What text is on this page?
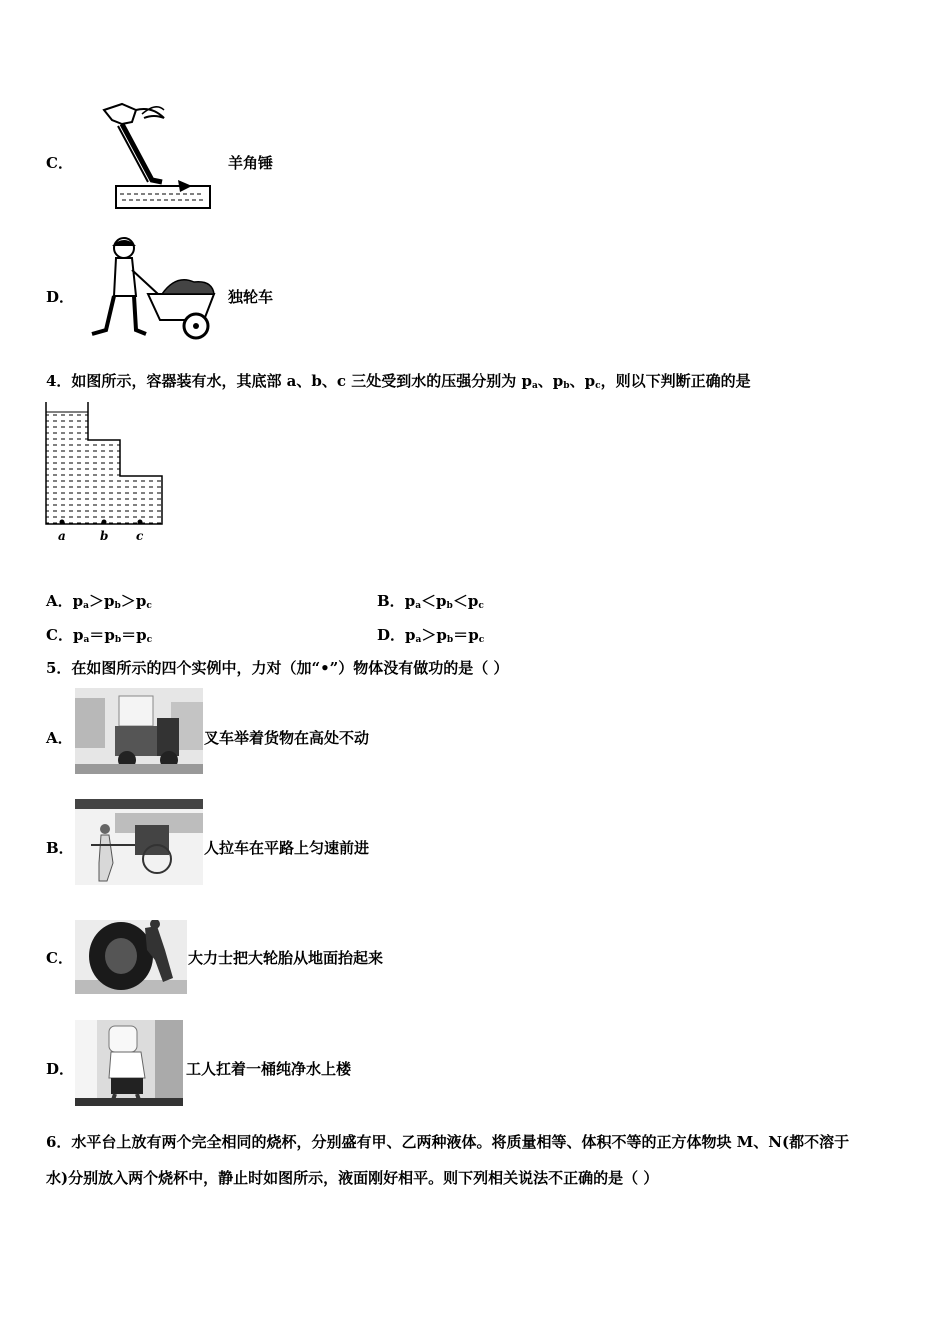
C．	羊角锤
D．	独轮车
4．如图所示，容器装有水，其底部 a、b、c 三处受到水的压强分别为 $p_a$、$p_b$、$p_c$，则以下判断正确的是
a	b c
A．$p_a>p_b>p_c$	B．$p_a<p_b<p_c$
C．$p_a=p_b=p_c$	D．$p_a>p_b=p_c$
5．在如图所示的四个实例中，力对（加“•”）物体没有做功的是（ ）
A．	叉车举着货物在高处不动
B．	人拉车在平路上匀速前进
C．	大力士把大轮胎从地面抬起来
D．	工人扛着一桶纯净水上楼
6．水平台上放有两个完全相同的烧杯，分别盛有甲、乙两种液体。将质量相等、体积不等的正方体物块 M、N(都不溶于
水)分别放入两个烧杯中，静止时如图所示，液面刚好相平。则下列相关说法不正确的是（ ）
